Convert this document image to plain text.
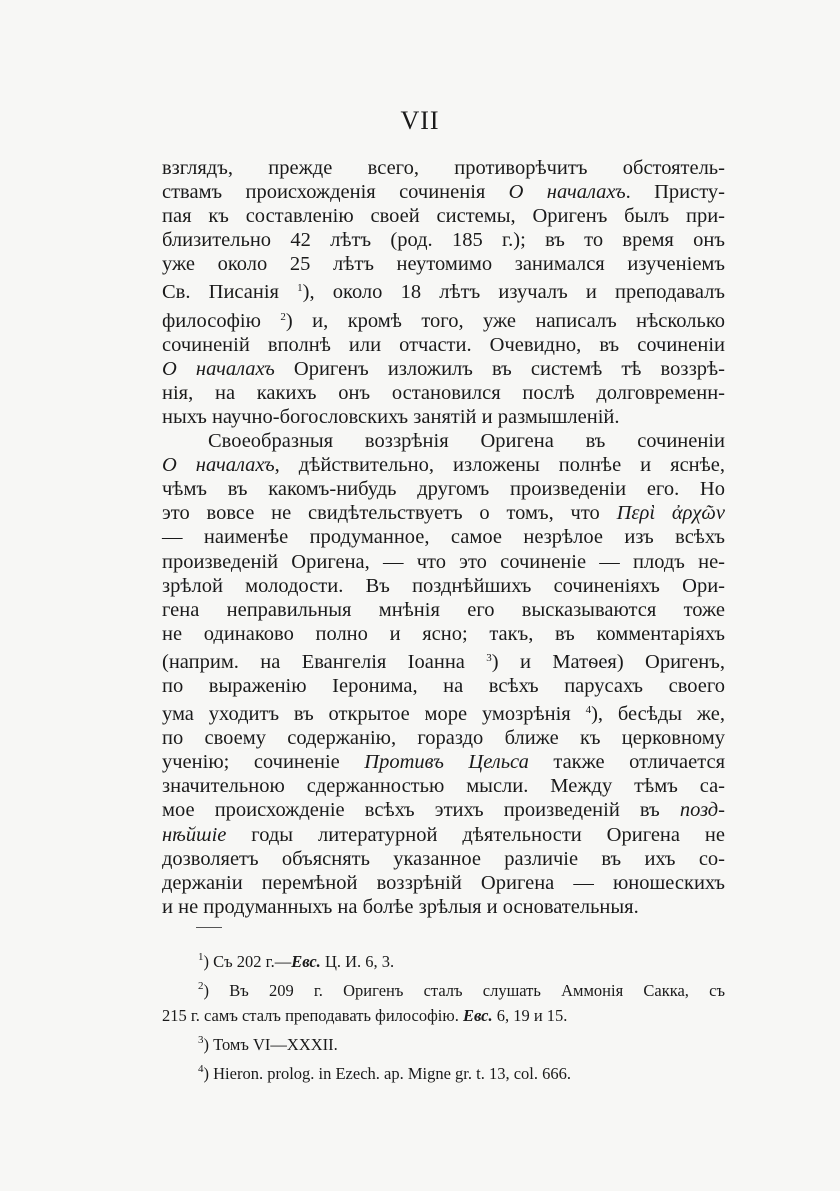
VII
взглядъ, прежде всего, противорѣчитъ обстоятель-
ствамъ происхожденія сочиненія О началахъ. Присту-
пая къ составленію своей системы, Оригенъ былъ при-
близительно 42 лѣтъ (род. 185 г.); въ то время онъ
уже около 25 лѣтъ неутомимо занимался изученіемъ
Св. Писанія $^1$), около 18 лѣтъ изучалъ и преподавалъ
философію $^2$) и, кромѣ того, уже написалъ нѣсколько
сочиненій вполнѣ или отчасти. Очевидно, въ сочиненіи
О началахъ Оригенъ изложилъ въ системѣ тѣ воззрѣ-
нія, на какихъ онъ остановился послѣ долговременн-
ныхъ научно-богословскихъ занятій и размышленій.
Своеобразныя воззрѣнія Оригена въ сочиненіи
О началахъ, дѣйствительно, изложены полнѣе и яснѣе,
чѣмъ въ какомъ-нибудь другомъ произведеніи его. Но
это вовсе не свидѣтельствуетъ о томъ, что Περὶ ἀρχῶν
— наименѣе продуманное, самое незрѣлое изъ всѣхъ
произведеній Оригена, — что это сочиненіе — плодъ не-
зрѣлой молодости. Въ позднѣйшихъ сочиненіяхъ Ори-
гена неправильныя мнѣнія его высказываются тоже
не одинаково полно и ясно; такъ, въ комментаріяхъ
(наприм. на Евангелія Іоанна $^3$) и Матѳея) Оригенъ,
по выраженію Іеронима, на всѣхъ парусахъ своего
ума уходитъ въ открытое море умозрѣнія $^4$), бесѣды же,
по своему содержанію, гораздо ближе къ церковному
ученію; сочиненіе Противъ Цельса также отличается
значительною сдержанностью мысли. Между тѣмъ са-
мое происхожденіе всѣхъ этихъ произведеній въ позд-
нѣйшіе годы литературной дѣятельности Оригена не
дозволяетъ объяснять указанное различіе въ ихъ со-
держаніи перемѣной воззрѣній Оригена — юношескихъ
и не продуманныхъ на болѣе зрѣлыя и основательныя.
$^1$) Съ 202 г.—Евс. Ц. И. 6, 3.
$^2$) Въ 209 г. Оригенъ сталъ слушать Аммонія Сакка, съ
215 г. самъ сталъ преподавать философію. Евс. 6, 19 и 15.
$^3$) Томъ VI—XXXII.
$^4$) Hieron. prolog. in Ezech. ap. Migne gr. t. 13, col. 666.
